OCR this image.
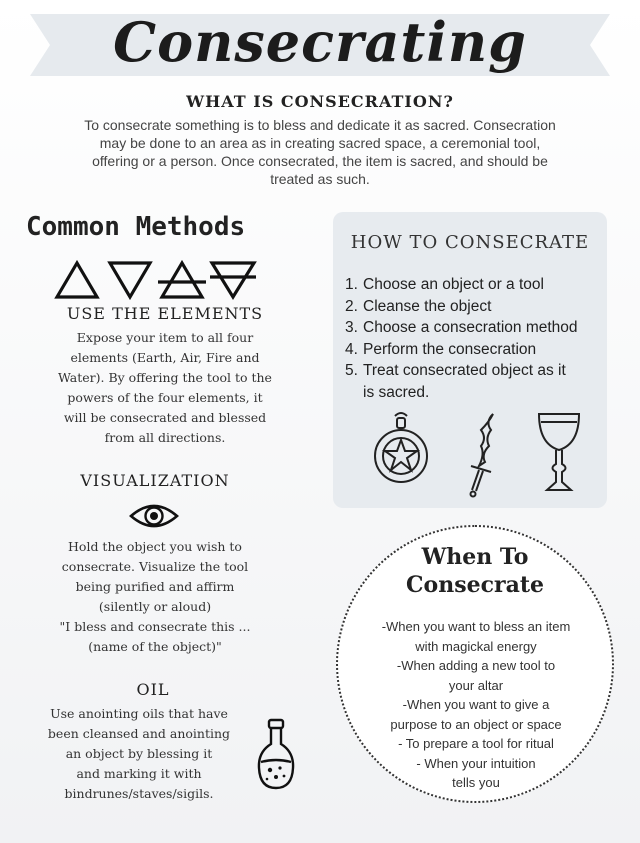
Consecrating
WHAT IS CONSECRATION?
To consecrate something is to bless and dedicate it as sacred. Consecration
may be done to an area as in creating sacred space, a ceremonial tool,
offering or a person. Once consecrated, the item is sacred, and should be
treated as such.
Common Methods
USE THE ELEMENTS
Expose your item to all four
elements (Earth, Air, Fire and
Water). By offering the tool to the
powers of the four elements, it
will be consecrated and blessed
from all directions.
VISUALIZATION
Hold the object you wish to
consecrate. Visualize the tool
being purified and affirm
(silently or aloud)
"I bless and consecrate this ...
(name of the object)"
OIL
Use anointing oils that have
been cleansed and anointing
an object by blessing it
and marking it with
bindrunes/staves/sigils.
HOW TO CONSECRATE
1. Choose an object or a tool
2. Cleanse the object
3. Choose a consecration method
4. Perform the consecration
5. Treat consecrated object as it
is sacred.
When To
Consecrate
-When you want to bless an item
with magickal energy
-When adding a new tool to
your altar
-When you want to give a
purpose to an object or space
- To prepare a tool for ritual
- When your intuition
tells you
